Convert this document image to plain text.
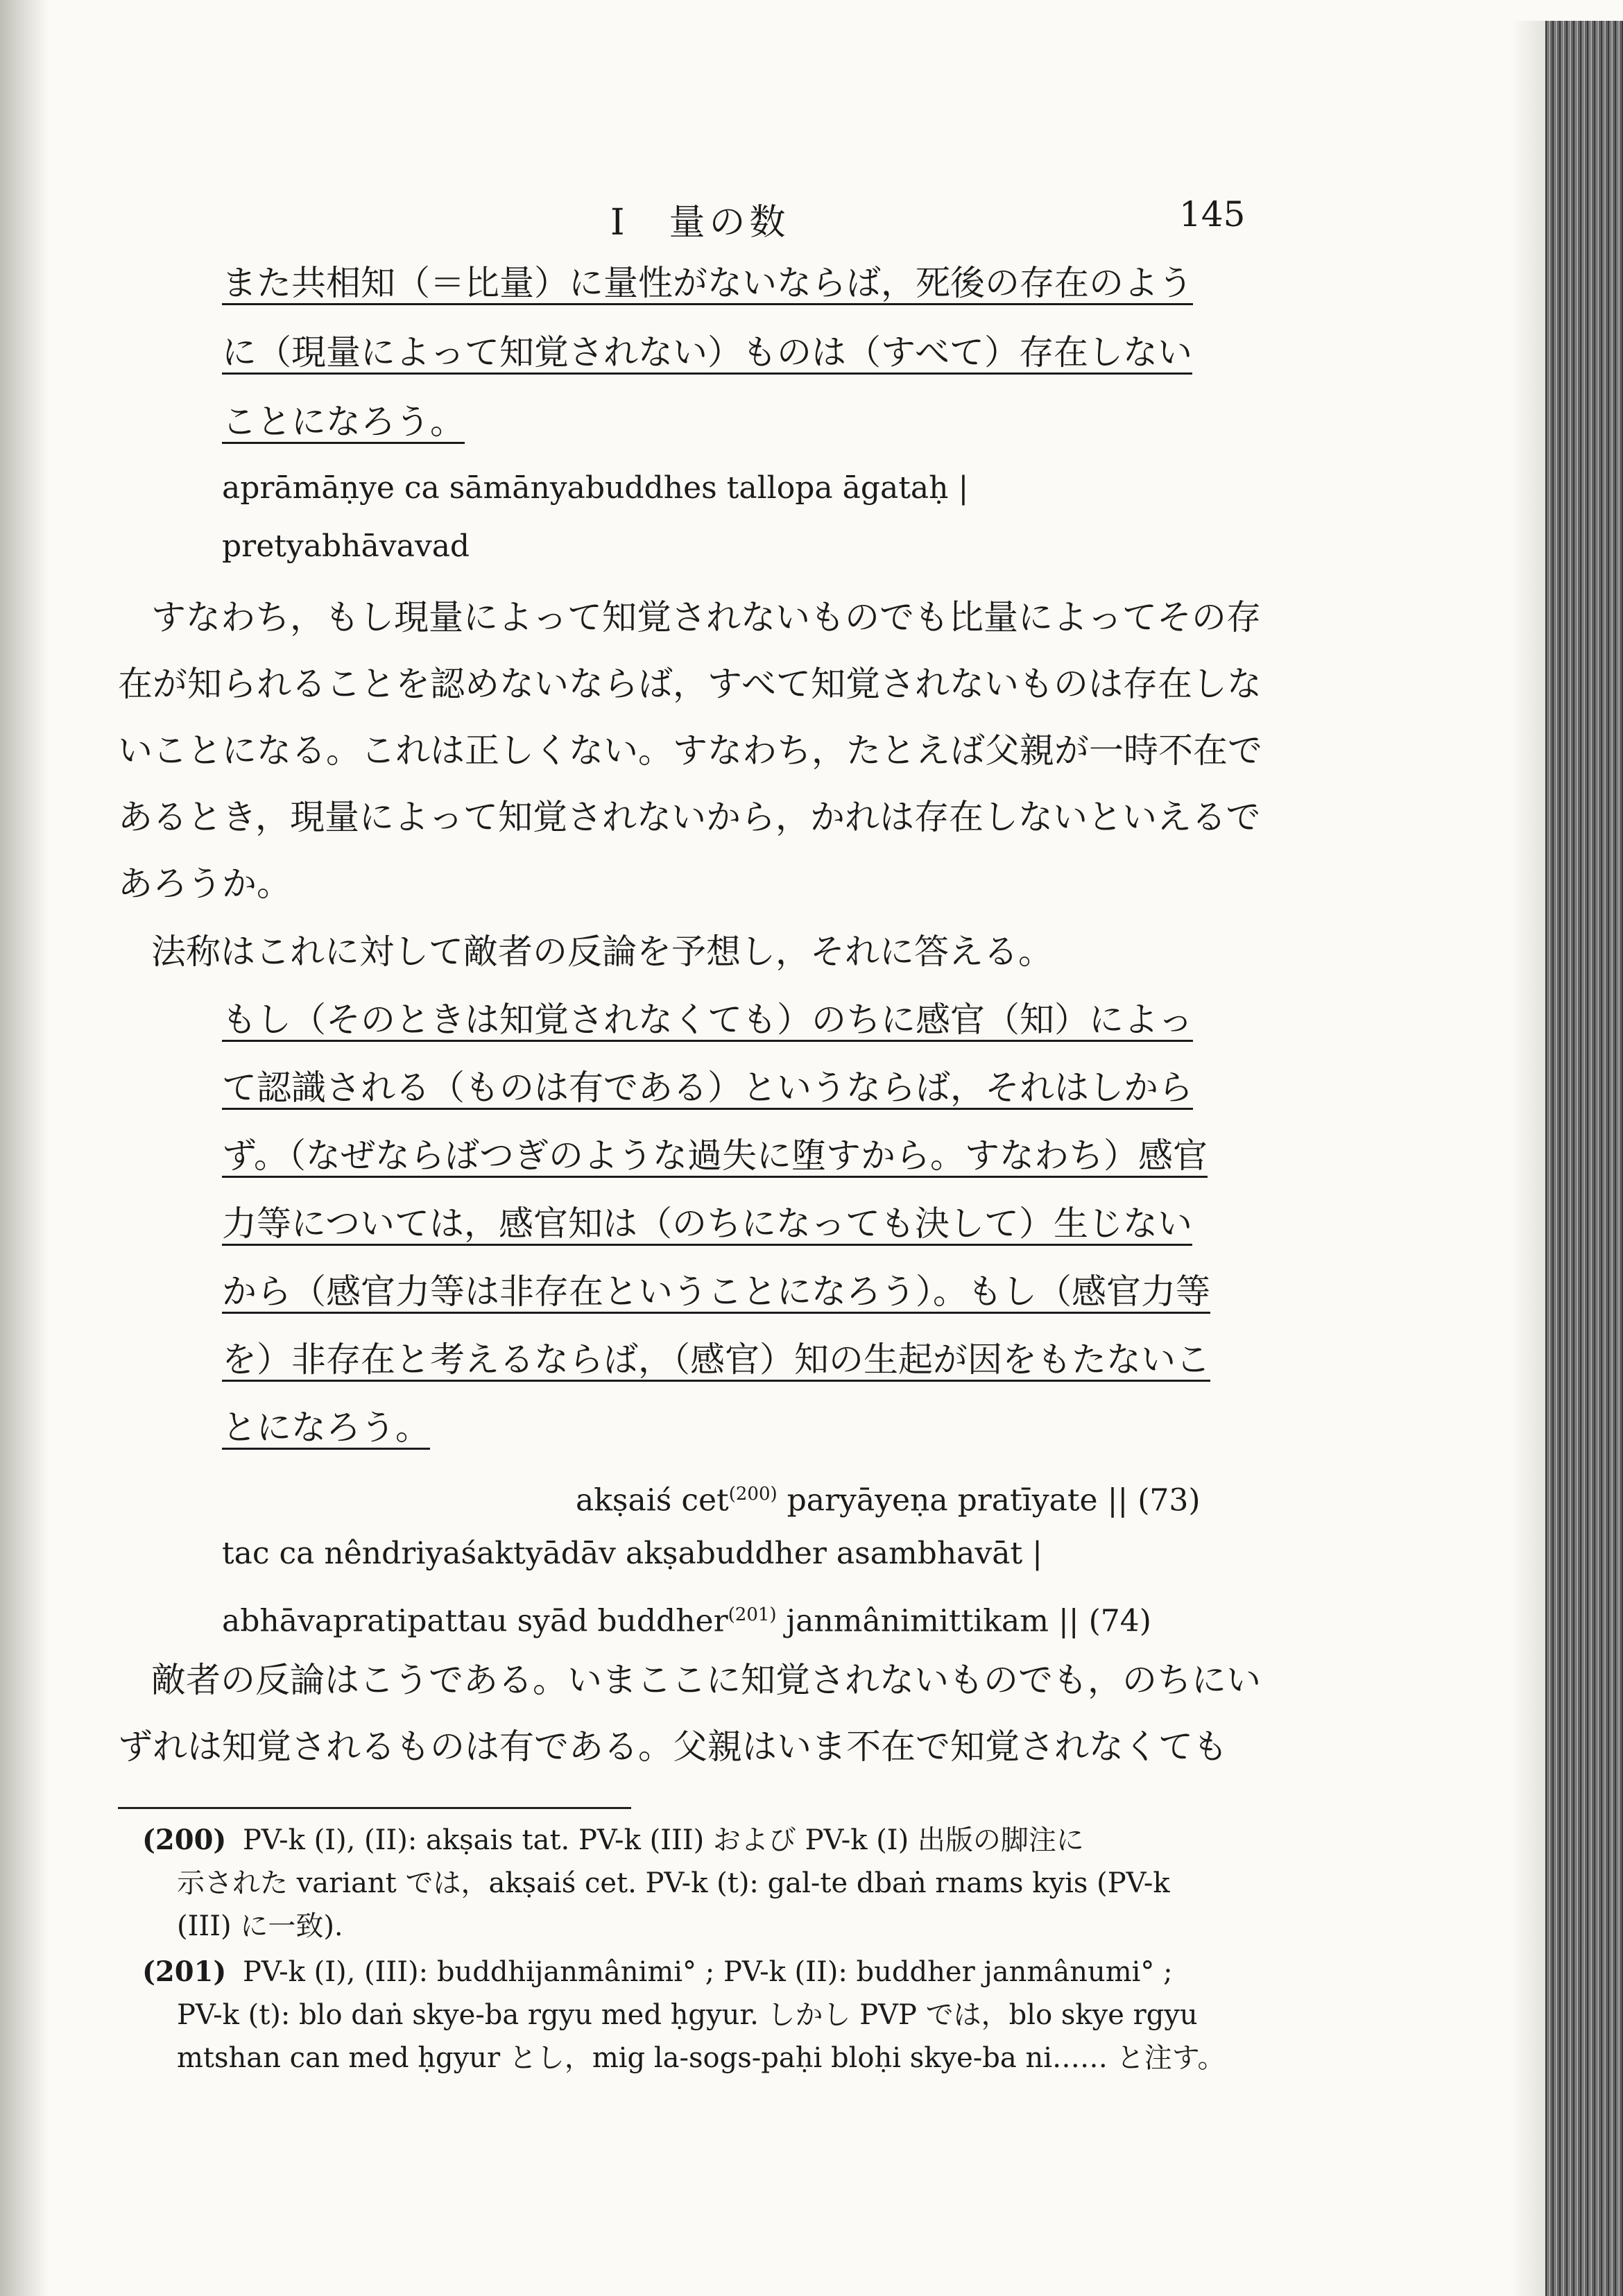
Ⅰ　量の数	145
また共相知（＝比量）に量性がないならば，死後の存在のよう
に（現量によって知覚されない）ものは（すべて）存在しない
ことになろう。
aprāmāṇye ca sāmānyabuddhes tallopa āgataḥ |
pretyabhāvavad
すなわち，もし現量によって知覚されないものでも比量によってその存
在が知られることを認めないならば，すべて知覚されないものは存在しな
いことになる。これは正しくない。すなわち，たとえば父親が一時不在で
あるとき，現量によって知覚されないから，かれは存在しないといえるで
あろうか。
法称はこれに対して敵者の反論を予想し，それに答える。
もし（そのときは知覚されなくても）のちに感官（知）によっ
て認識される（ものは有である）というならば，それはしから
ず。（なぜならばつぎのような過失に堕すから。すなわち）感官
力等については，感官知は（のちになっても決して）生じない
から（感官力等は非存在ということになろう）。もし（感官力等
を）非存在と考えるならば，（感官）知の生起が因をもたないこ
とになろう。
akṣaiś cet$^{(200)}$ paryāyeṇa pratīyate || (73)
tac ca nêndriyaśaktyādāv akṣabuddher asambhavāt |
abhāvapratipattau syād buddher$^{(201)}$ janmânimittikam || (74)
敵者の反論はこうである。いまここに知覚されないものでも，のちにい
ずれは知覚されるものは有である。父親はいま不在で知覚されなくても
(200) PV-k (I), (II): akṣais tat. PV-k (III) および PV-k (I) 出版の脚注に
示された variant では，akṣaiś cet. PV-k (t): gal-te dbaṅ rnams kyis (PV-k
(III) に一致).
(201) PV-k (I), (III): buddhijanmânimi° ; PV-k (II): buddher janmânumi° ;
PV-k (t): blo daṅ skye-ba rgyu med ḥgyur. しかし PVP では，blo skye rgyu
mtshan can med ḥgyur とし，mig la-sogs-paḥi bloḥi skye-ba ni…… と注す。
